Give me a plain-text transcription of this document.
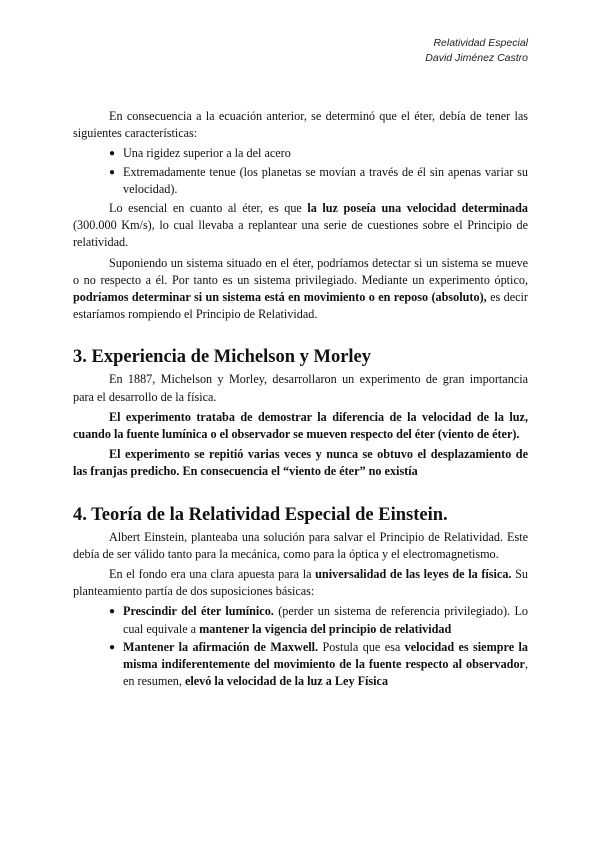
Relatividad Especial
David Jiménez Castro

En consecuencia a la ecuación anterior, se determinó que el éter, debía de tener las siguientes características:

● Una rigidez superior a la del acero
● Extremadamente tenue (los planetas se movían a través de él sin apenas variar su velocidad).

Lo esencial en cuanto al éter, es que la luz poseía una velocidad determinada (300.000 Km/s), lo cual llevaba a replantear una serie de cuestiones sobre el Principio de relatividad.

Suponiendo un sistema situado en el éter, podríamos detectar si un sistema se mueve o no respecto a él. Por tanto es un sistema privilegiado. Mediante un experimento óptico, podríamos determinar si un sistema está en movimiento o en reposo (absoluto), es decir estaríamos rompiendo el Principio de Relatividad.

3. Experiencia de Michelson y Morley

En 1887, Michelson y Morley, desarrollaron un experimento de gran importancia para el desarrollo de la física.

El experimento trataba de demostrar la diferencia de la velocidad de la luz, cuando la fuente lumínica o el observador se mueven respecto del éter (viento de éter).

El experimento se repitió varias veces y nunca se obtuvo el desplazamiento de las franjas predicho. En consecuencia el “viento de éter” no existía

4. Teoría de la Relatividad Especial de Einstein.

Albert Einstein, planteaba una solución para salvar el Principio de Relatividad. Este debía de ser válido tanto para la mecánica, como para la óptica y el electromagnetismo.

En el fondo era una clara apuesta para la universalidad de las leyes de la física. Su planteamiento partía de dos suposiciones básicas:

● Prescindir del éter lumínico. (perder un sistema de referencia privilegiado). Lo cual equivale a mantener la vigencia del principio de relatividad
● Mantener la afirmación de Maxwell. Postula que esa velocidad es siempre la misma indiferentemente del movimiento de la fuente respecto al observador, en resumen, elevó la velocidad de la luz a Ley Física
